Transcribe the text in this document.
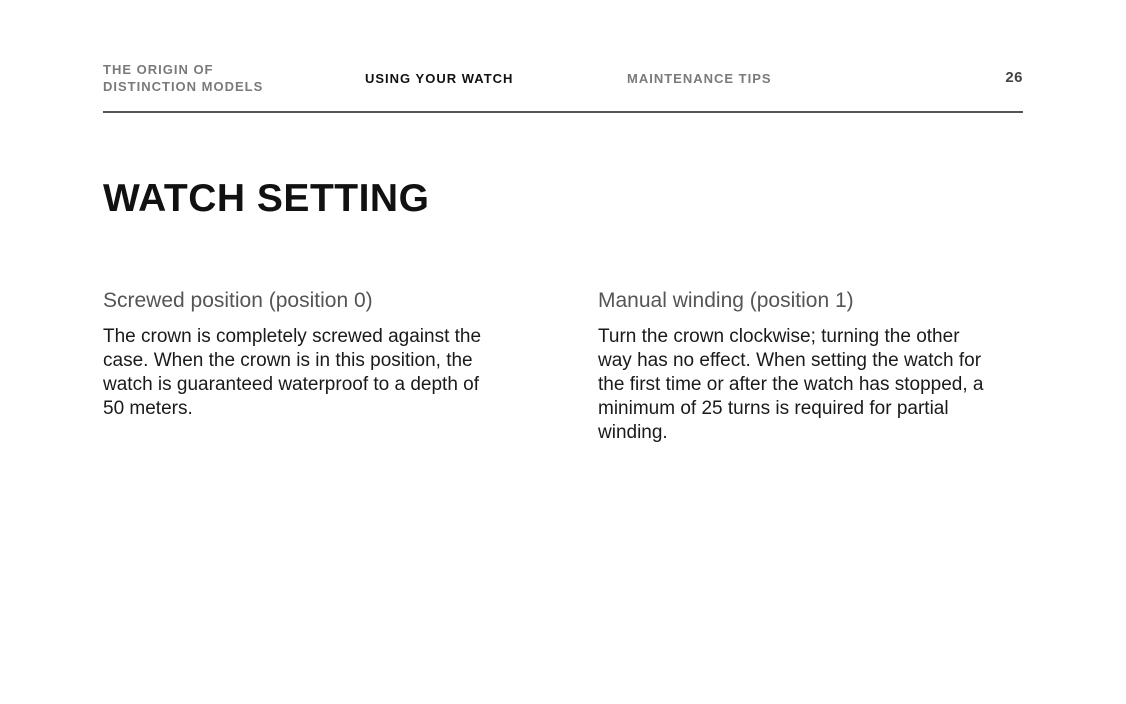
THE ORIGIN OF
DISTINCTION MODELS
USING YOUR WATCH	MAINTENANCE TIPS	26
WATCH SETTING
Screwed position (position 0)

The crown is completely screwed against the case. When the crown is in this position, the watch is guaranteed waterproof to a depth of 50 meters.

Manual winding (position 1)

Turn the crown clockwise; turning the other way has no effect. When setting the watch for the first time or after the watch has stopped, a minimum of 25 turns is required for partial winding.
